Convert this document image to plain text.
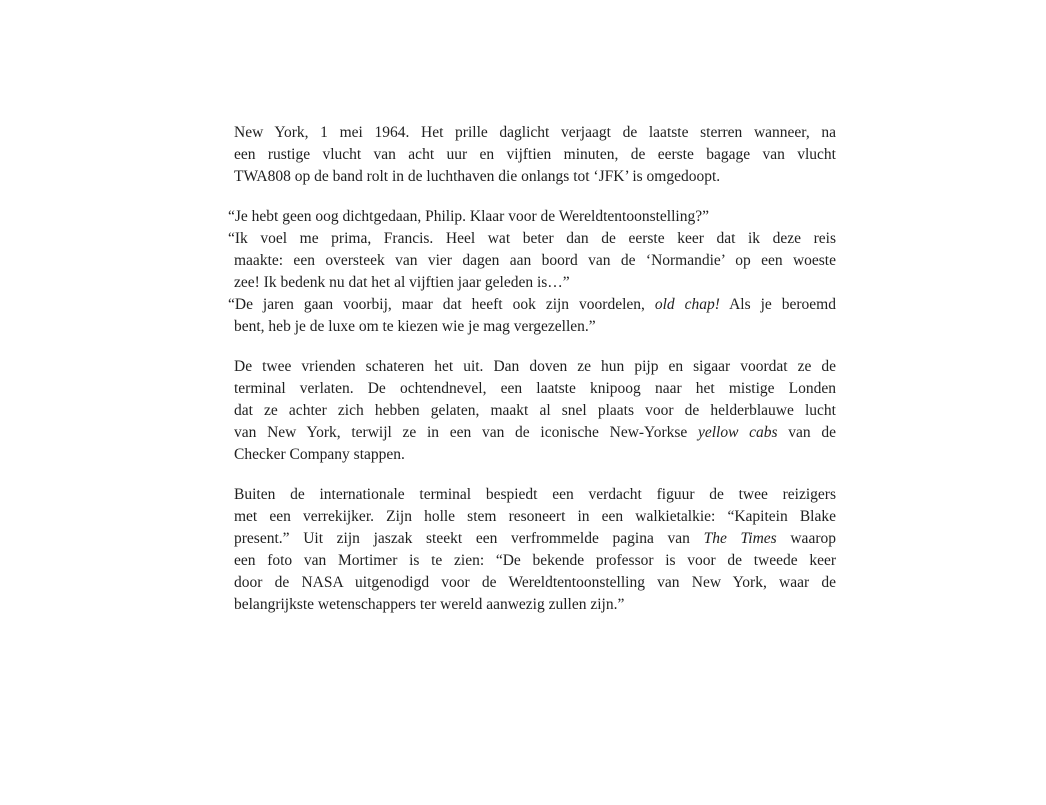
New York, 1 mei 1964. Het prille daglicht verjaagt de laatste sterren wanneer, na
een rustige vlucht van acht uur en vijftien minuten, de eerste bagage van vlucht
TWA808 op de band rolt in de luchthaven die onlangs tot ‘JFK’ is omgedoopt.
“Je hebt geen oog dichtgedaan, Philip. Klaar voor de Wereldtentoonstelling?”
“Ik voel me prima, Francis. Heel wat beter dan de eerste keer dat ik deze reis
maakte: een oversteek van vier dagen aan boord van de ‘Normandie’ op een woeste
zee! Ik bedenk nu dat het al vijftien jaar geleden is…”
“De jaren gaan voorbij, maar dat heeft ook zijn voordelen, old chap! Als je beroemd
bent, heb je de luxe om te kiezen wie je mag vergezellen.”
De twee vrienden schateren het uit. Dan doven ze hun pijp en sigaar voordat ze de
terminal verlaten. De ochtendnevel, een laatste knipoog naar het mistige Londen
dat ze achter zich hebben gelaten, maakt al snel plaats voor de helderblauwe lucht
van New York, terwijl ze in een van de iconische New-Yorkse yellow cabs van de
Checker Company stappen.
Buiten de internationale terminal bespiedt een verdacht figuur de twee reizigers
met een verrekijker. Zijn holle stem resoneert in een walkietalkie: “Kapitein Blake
present.” Uit zijn jaszak steekt een verfrommelde pagina van The Times waarop
een foto van Mortimer is te zien: “De bekende professor is voor de tweede keer
door de NASA uitgenodigd voor de Wereldtentoonstelling van New York, waar de
belangrijkste wetenschappers ter wereld aanwezig zullen zijn.”
